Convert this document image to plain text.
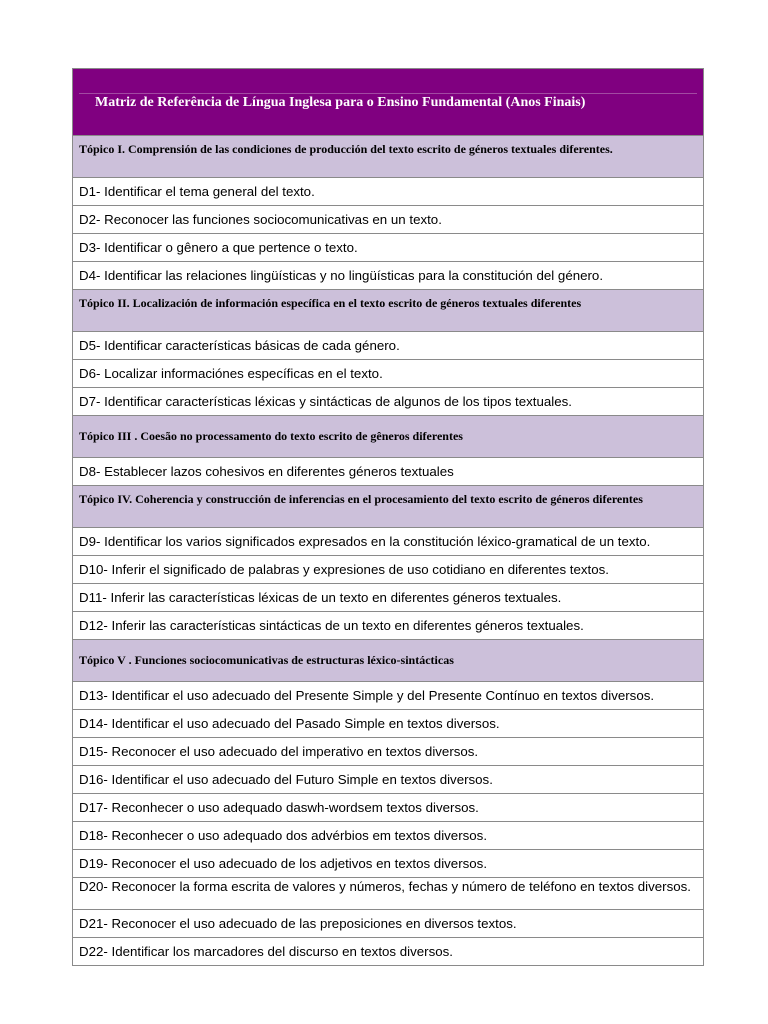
Matriz de Referência de Língua Inglesa para o Ensino Fundamental (Anos Finais)
Tópico I. Comprensión de las condiciones de producción del texto escrito de géneros textuales diferentes.
D1- Identificar el tema general del texto.
D2- Reconocer las funciones sociocomunicativas en un texto.
D3- Identificar o gênero a que pertence o texto.
D4- Identificar las relaciones lingüísticas y no lingüísticas para la constitución del género.
Tópico II. Localización de información específica en el texto escrito de géneros textuales diferentes
D5- Identificar características básicas de cada género.
D6- Localizar informaciónes específicas en el texto.
D7- Identificar características léxicas y sintácticas de algunos de los tipos textuales.
Tópico III . Coesão no processamento do texto escrito de gêneros diferentes
D8- Establecer lazos cohesivos en diferentes géneros textuales
Tópico IV. Coherencia y construcción de inferencias en el procesamiento del texto escrito de géneros diferentes
D9- Identificar los varios significados expresados en la constitución léxico-gramatical de un texto.
D10- Inferir el significado de palabras y expresiones de uso cotidiano en diferentes textos.
D11- Inferir las características léxicas de un texto en diferentes géneros textuales.
D12- Inferir las características sintácticas de un texto en diferentes géneros textuales.
Tópico V . Funciones sociocomunicativas de estructuras léxico-sintácticas
D13- Identificar el uso adecuado del Presente Simple y del Presente Contínuo en textos diversos.
D14- Identificar el uso adecuado del Pasado Simple en textos diversos.
D15- Reconocer el uso adecuado del imperativo en textos diversos.
D16- Identificar el uso adecuado del Futuro Simple en textos diversos.
D17- Reconhecer o uso adequado daswh-wordsem textos diversos.
D18- Reconhecer o uso adequado dos advérbios em textos diversos.
D19- Reconocer el uso adecuado de los adjetivos en textos diversos.
D20- Reconocer la forma escrita de valores y números, fechas y número de teléfono en textos diversos.
D21- Reconocer el uso adecuado de las preposiciones en diversos textos.
D22- Identificar los marcadores del discurso en textos diversos.
